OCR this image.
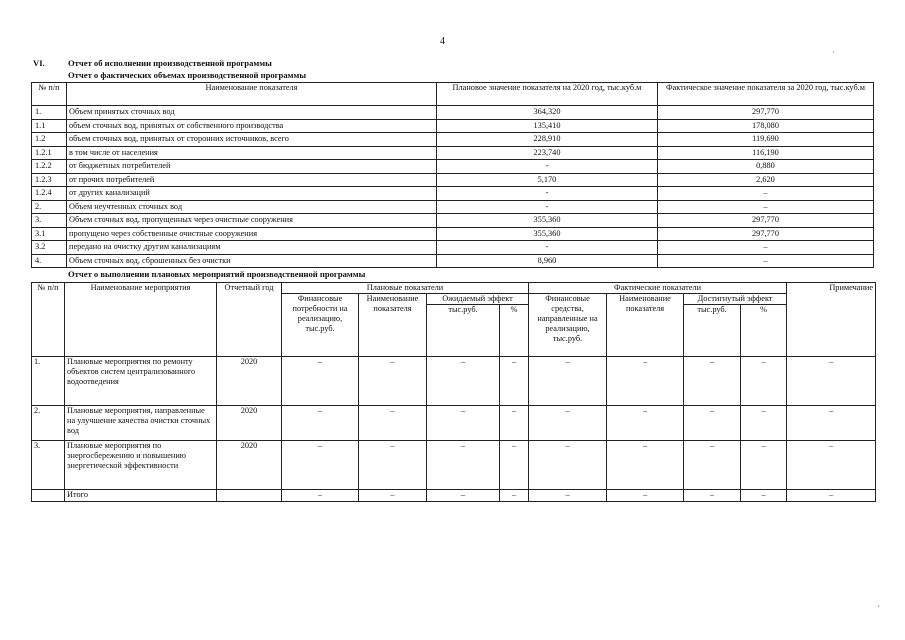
4
VI.	Отчет об исполнении производственной программы
Отчет о фактических объемах производственной программы
№ п/п	Наименование показателя	Плановое значение показателя на 2020 год, тыс.куб.м	Фактическое значение показателя за 2020 год, тыс.куб.м
1.	Объем принятых сточных вод	364,320	297,770
1.1	объем сточных вод, принятых от собственного производства	135,410	178,080
1.2	объем сточных вод, принятых от сторонних источников, всего	228,910	119,690
1.2.1	в том числе от населения	223,740	116,190
1.2.2	от бюджетных потребителей	-	0,880
1.2.3	от прочих потребителей	5,170	2,620
1.2.4	от других канализаций	-	–
2.	Объем неучтенных сточных вод	-	–
3.	Объем сточных вод, пропущенных через очистные сооружения	355,360	297,770
3.1	пропущено через собственные очистные сооружения	355,360	297,770
3.2	передано на очистку другим канализациям	-	–
4.	Объем сточных вод, сброшенных без очистки	8,960	–
Отчет о выполнении плановых мероприятий производственной программы
№ п/п	Наименование мероприятия	Отчетный год	Плановые показатели				Фактические показатели				Примечание
			Финансовые потребности на реализацию, тыс.руб.	Наименование показателя	Ожидаемый эффект		Финансовые средства, направленные на реализацию, тыс.руб.	Наименование показателя	Достигнутый эффект		
					тыс.руб.	%			тыс.руб.	%	
1.	Плановые мероприятия по ремонту объектов систем централизованного водоотведения	2020	–	–	–	–	–	–	–	–	–
2.	Плановые мероприятия, направленные на улучшение качества очистки сточных вод	2020	–	–	–	–	–	–	–	–	–
3.	Плановые мероприятия по энергосбережению и повышению энергетической эффективности	2020	–	–	–	–	–	–	–	–	–
	Итого		–	–	–	–	–	–	–	–	–
·
·
